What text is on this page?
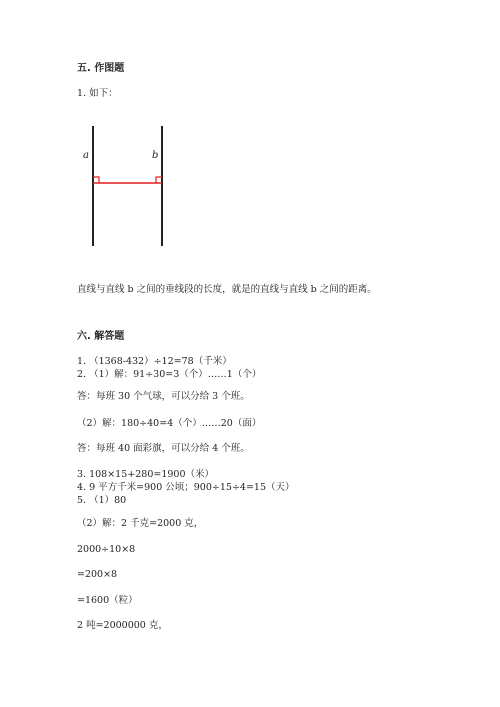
五. 作图题
1. 如下：
a	b
直线与直线 b 之间的垂线段的长度，就是的直线与直线 b 之间的距离。
六. 解答题
1. （1368-432）÷12=78（千米）
2. （1）解：91÷30=3（个）……1（个）
答：每班 30 个气球，可以分给 3 个班。
（2）解：180÷40=4（个）……20（面）
答：每班 40 面彩旗，可以分给 4 个班。
3. 108×15+280=1900（米）
4. 9 平方千米=900 公顷；900÷15÷4=15（天）
5. （1）80
（2）解：2 千克=2000 克，
2000÷10×8
=200×8
=1600（粒）
2 吨=2000000 克，
